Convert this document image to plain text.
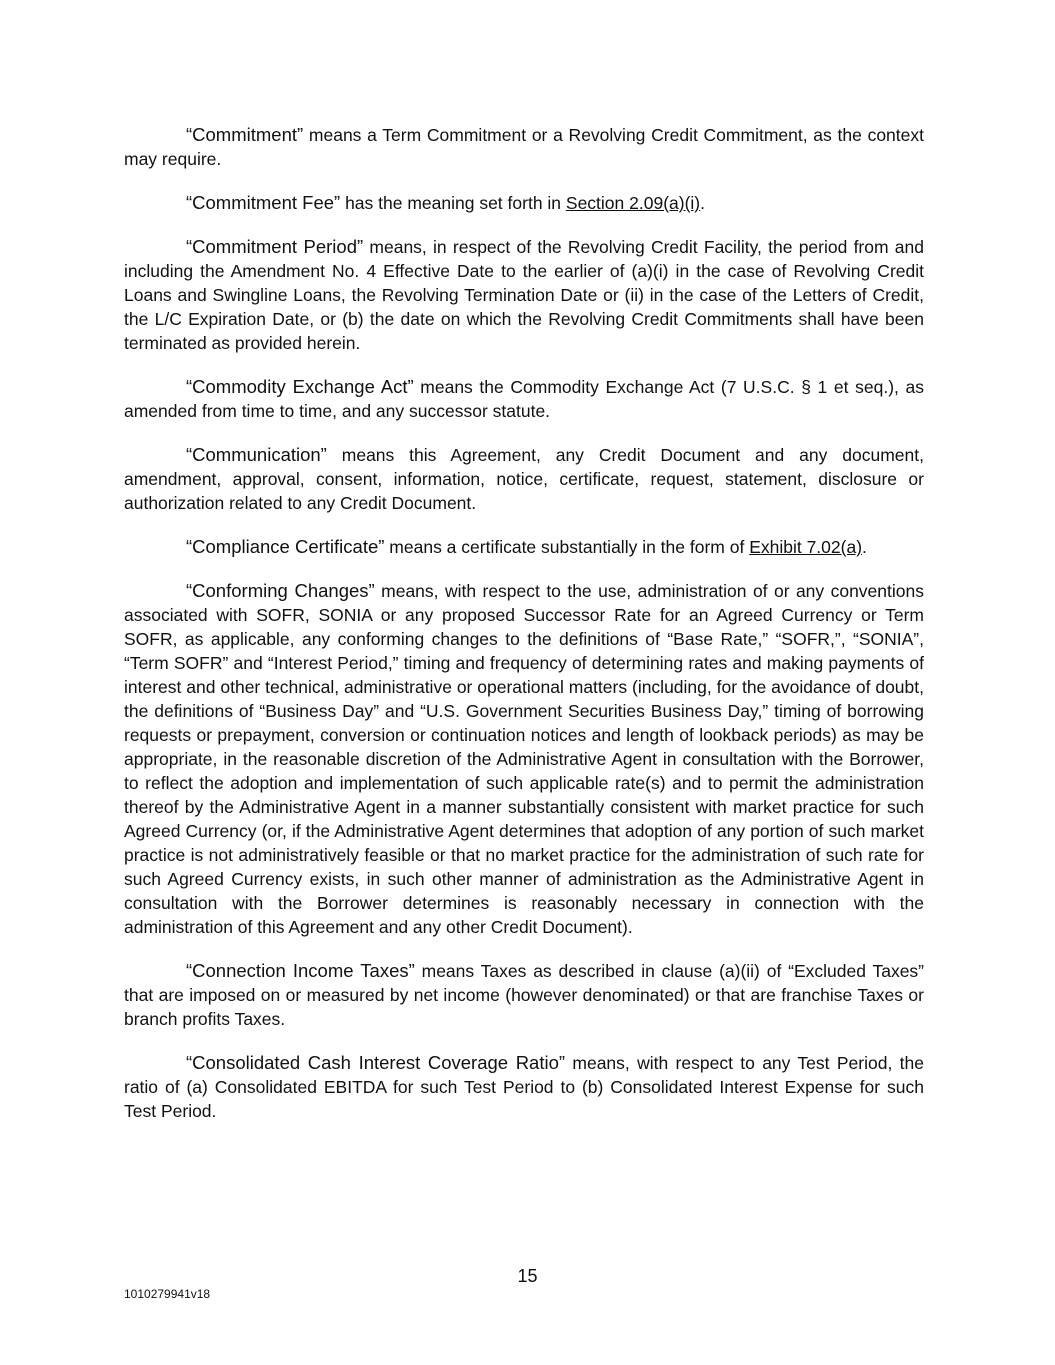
“Commitment” means a Term Commitment or a Revolving Credit Commitment, as the context may require.

“Commitment Fee” has the meaning set forth in Section 2.09(a)(i).

“Commitment Period” means, in respect of the Revolving Credit Facility, the period from and including the Amendment No. 4 Effective Date to the earlier of (a)(i) in the case of Revolving Credit Loans and Swingline Loans, the Revolving Termination Date or (ii) in the case of the Letters of Credit, the L/C Expiration Date, or (b) the date on which the Revolving Credit Commitments shall have been terminated as provided herein.

“Commodity Exchange Act” means the Commodity Exchange Act (7 U.S.C. § 1 et seq.), as amended from time to time, and any successor statute.

“Communication” means this Agreement, any Credit Document and any document, amendment, approval, consent, information, notice, certificate, request, statement, disclosure or authorization related to any Credit Document.

“Compliance Certificate” means a certificate substantially in the form of Exhibit 7.02(a).

“Conforming Changes” means, with respect to the use, administration of or any conventions associated with SOFR, SONIA or any proposed Successor Rate for an Agreed Currency or Term SOFR, as applicable, any conforming changes to the definitions of “Base Rate,” “SOFR,”, “SONIA”, “Term SOFR” and “Interest Period,” timing and frequency of determining rates and making payments of interest and other technical, administrative or operational matters (including, for the avoidance of doubt, the definitions of “Business Day” and “U.S. Government Securities Business Day,” timing of borrowing requests or prepayment, conversion or continuation notices and length of lookback periods) as may be appropriate, in the reasonable discretion of the Administrative Agent in consultation with the Borrower, to reflect the adoption and implementation of such applicable rate(s) and to permit the administration thereof by the Administrative Agent in a manner substantially consistent with market practice for such Agreed Currency (or, if the Administrative Agent determines that adoption of any portion of such market practice is not administratively feasible or that no market practice for the administration of such rate for such Agreed Currency exists, in such other manner of administration as the Administrative Agent in consultation with the Borrower determines is reasonably necessary in connection with the administration of this Agreement and any other Credit Document).

“Connection Income Taxes” means Taxes as described in clause (a)(ii) of “Excluded Taxes” that are imposed on or measured by net income (however denominated) or that are franchise Taxes or branch profits Taxes.

“Consolidated Cash Interest Coverage Ratio” means, with respect to any Test Period, the ratio of (a) Consolidated EBITDA for such Test Period to (b) Consolidated Interest Expense for such Test Period.

15
1010279941v18
